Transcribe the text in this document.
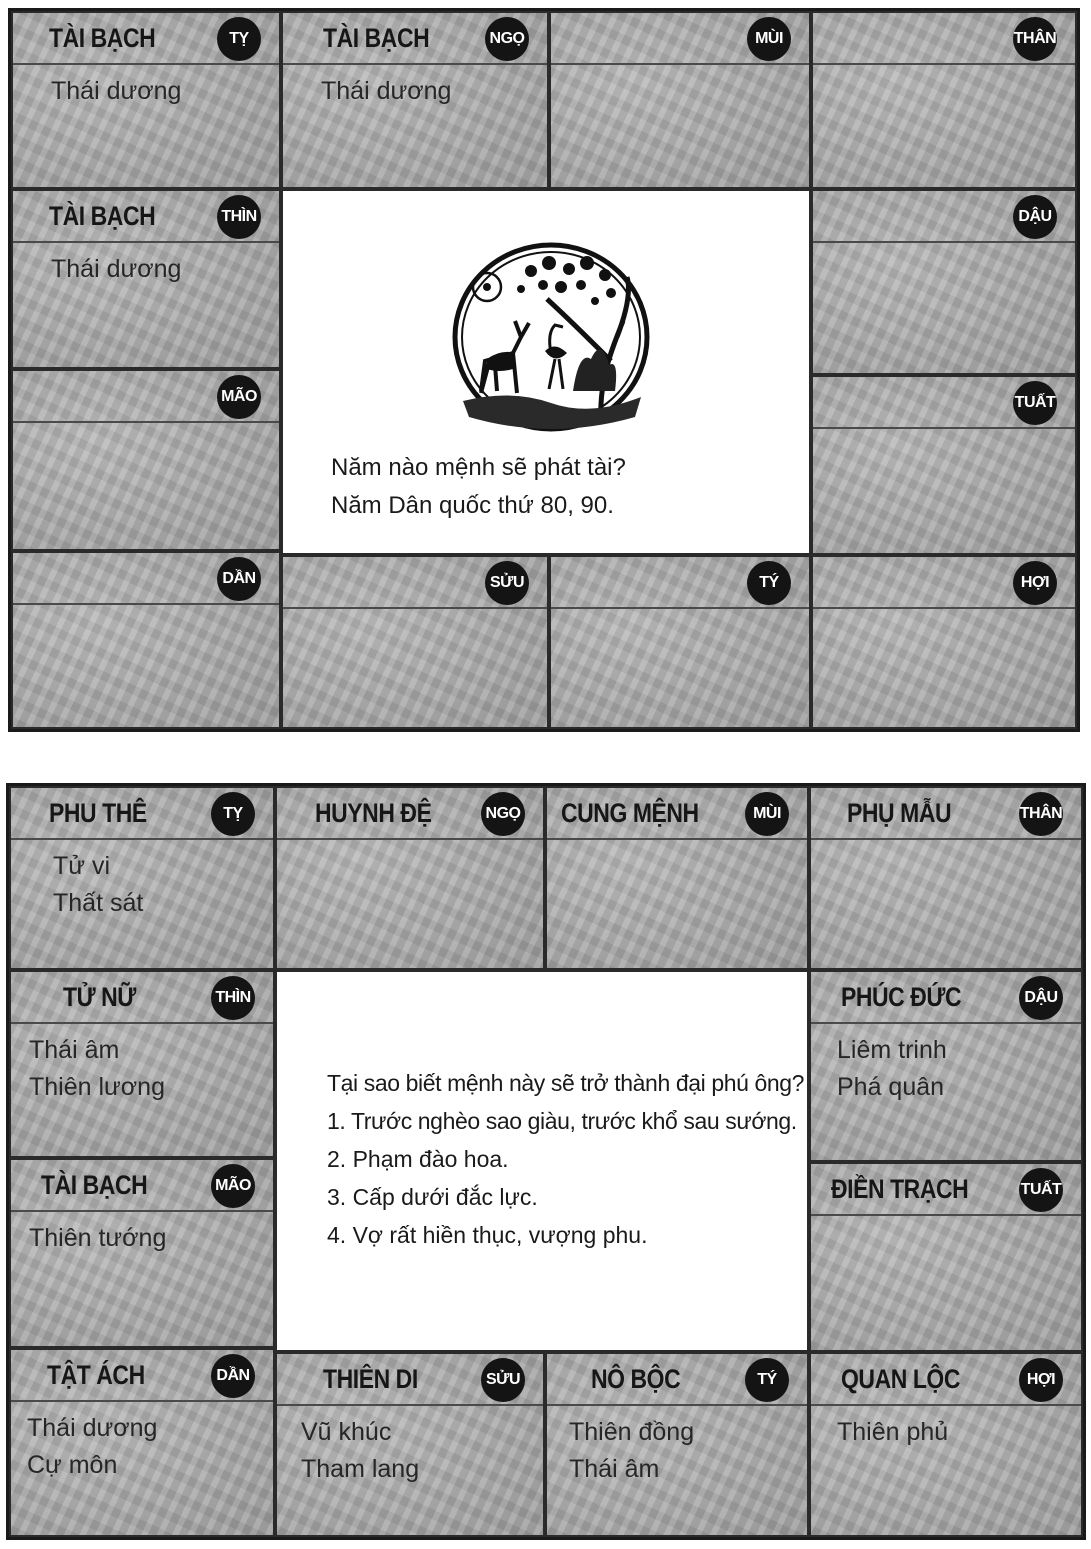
TÀI BẠCH	TỴ
Thái dương
TÀI BẠCH	NGỌ
Thái dương
MÙI	THÂN
TÀI BẠCH	THÌN
Thái dương
MÃO
DẬU
TUẤT
DẦN	SỬU	TÝ	HỢI
Năm nào mệnh sẽ phát tài?
Năm Dân quốc thứ 80, 90.
PHU THÊ	TỴ
Tử vi
Thất sát
HUYNH ĐỆ	NGỌ CUNG MỆNH	MÙI PHỤ MẪU	THÂN
TỬ NỮ	THÌN
Thái âm
Thiên lương
TÀI BẠCH	MÃO
Thiên tướng
PHÚC ĐỨC	DẬU
Liêm trinh
Phá quân
ĐIỀN TRẠCH	TUẤT
TẬT ÁCH	DẦN
Thái dương
Cự môn
THIÊN DI	SỬU
Vũ khúc
Tham lang
NÔ BỘC	TÝ
Thiên đồng
Thái âm
QUAN LỘC	HỢI
Thiên phủ
Tại sao biết mệnh này sẽ trở thành đại phú ông?
1. Trước nghèo sao giàu, trước khổ sau sướng.
2. Phạm đào hoa.
3. Cấp dưới đắc lực.
4. Vợ rất hiền thục, vượng phu.
